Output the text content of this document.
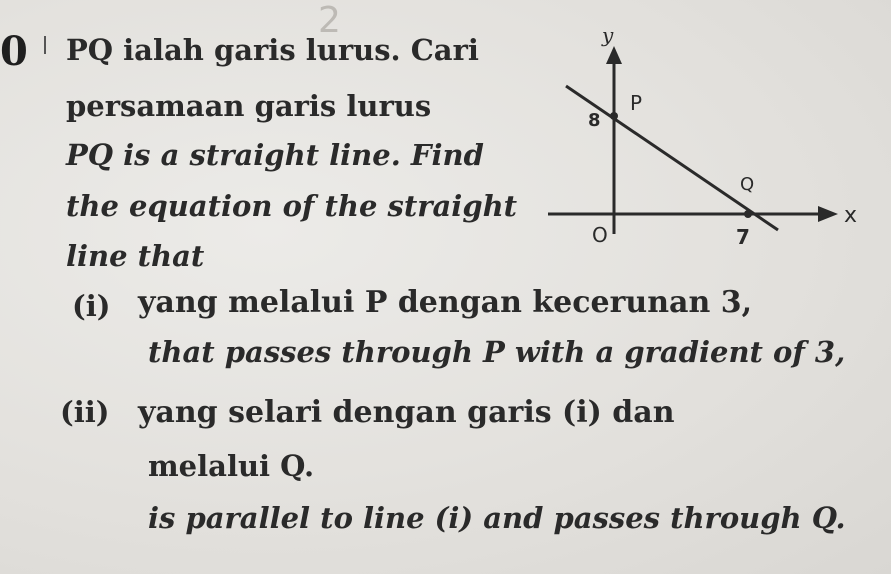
2
0 PQ ialah garis lurus. Cari
persamaan garis lurus
PQ is a straight line. Find
the equation of the straight
line that
(i) yang melalui P dengan kecerunan 3,
that passes through P with a gradient of 3,
(ii) yang selari dengan garis (i) dan
melalui Q.
is parallel to line (i) and passes through Q.
y
x
P
Q
8
O	7
